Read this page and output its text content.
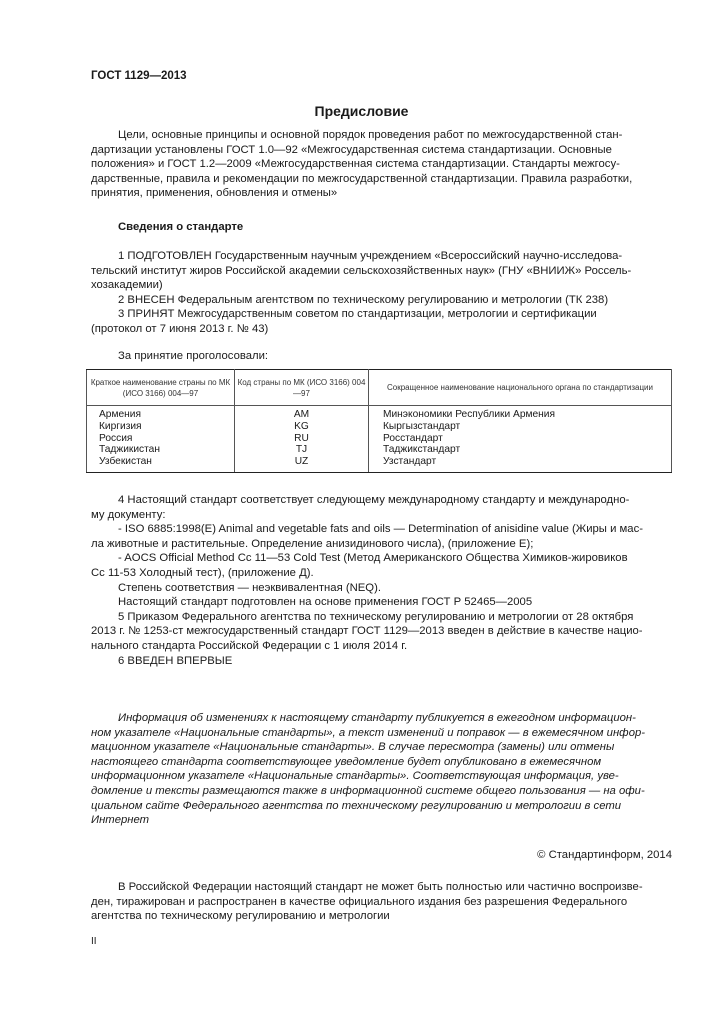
ГОСТ 1129—2013
Предисловие
Цели, основные принципы и основной порядок проведения работ по межгосударственной стан-
дартизации установлены ГОСТ 1.0—92 «Межгосударственная система стандартизации. Основные
положения» и ГОСТ 1.2—2009 «Межгосударственная система стандартизации. Стандарты межгосу-
дарственные, правила и рекомендации по межгосударственной стандартизации. Правила разработки,
принятия, применения, обновления и отмены»
Сведения о стандарте
1 ПОДГОТОВЛЕН Государственным научным учреждением «Всероссийский научно-исследова-
тельский институт жиров Российской академии сельскохозяйственных наук» (ГНУ «ВНИИЖ» Россель-
хозакадемии)
2 ВНЕСЕН Федеральным агентством по техническому регулированию и метрологии (ТК 238)
3 ПРИНЯТ Межгосударственным советом по стандартизации, метрологии и сертификации
(протокол от 7 июня 2013 г. № 43)
За принятие проголосовали:
Краткое наименование страны по МК (ИСО 3166) 004—97	Код страны по МК (ИСО 3166) 004—97	Сокращенное наименование национального органа по стандартизации
Армения	AM	Минэкономики Республики Армения
Киргизия	KG	Кыргызстандарт
Россия	RU	Росстандарт
Таджикистан	TJ	Таджикстандарт
Узбекистан	UZ	Узстандарт
4 Настоящий стандарт соответствует следующему международному стандарту и международно-
му документу:
- ISO 6885:1998(E) Animal and vegetable fats and oils — Determination of anisidine value (Жиры и мас-
ла животные и растительные. Определение анизидинового числа), (приложение Е);
- AOCS Official Method Cc 11—53 Cold Test (Метод Американского Общества Химиков-жировиков
Cc 11-53 Холодный тест), (приложение Д).
Степень соответствия — неэквивалентная (NEQ).
Настоящий стандарт подготовлен на основе применения ГОСТ Р 52465—2005
5 Приказом Федерального агентства по техническому регулированию и метрологии от 28 октября
2013 г. № 1253-ст межгосударственный стандарт ГОСТ 1129—2013 введен в действие в качестве нацио-
нального стандарта Российской Федерации с 1 июля 2014 г.
6 ВВЕДЕН ВПЕРВЫЕ
Информация об изменениях к настоящему стандарту публикуется в ежегодном информацион-
ном указателе «Национальные стандарты», а текст изменений и поправок — в ежемесячном инфор-
мационном указателе «Национальные стандарты». В случае пересмотра (замены) или отмены
настоящего стандарта соответствующее уведомление будет опубликовано в ежемесячном
информационном указателе «Национальные стандарты». Соответствующая информация, уве-
домление и тексты размещаются также в информационной системе общего пользования — на офи-
циальном сайте Федерального агентства по техническому регулированию и метрологии в сети
Интернет
© Стандартинформ, 2014
В Российской Федерации настоящий стандарт не может быть полностью или частично воспроизве-
ден, тиражирован и распространен в качестве официального издания без разрешения Федерального
агентства по техническому регулированию и метрологии
II
